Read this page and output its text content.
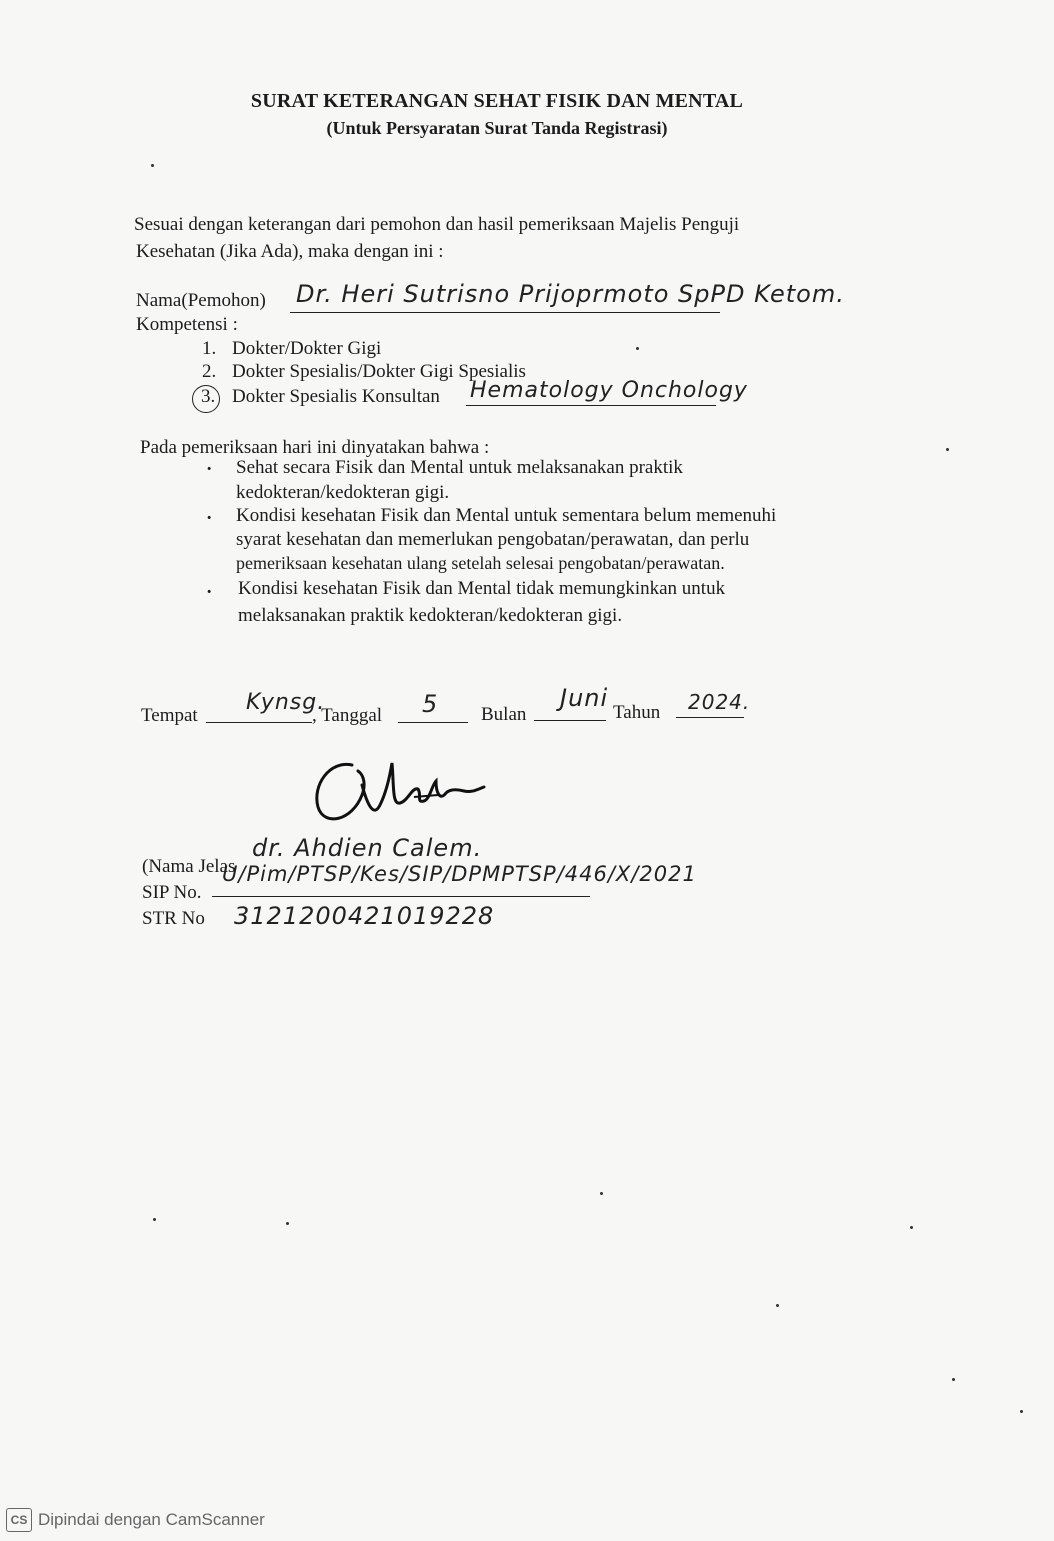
SURAT KETERANGAN SEHAT FISIK DAN MENTAL
(Untuk Persyaratan Surat Tanda Registrasi)
Sesuai dengan keterangan dari pemohon dan hasil pemeriksaan Majelis Penguji
Kesehatan (Jika Ada), maka dengan ini :
Nama(Pemohon) Dr. Heri Sutrisno Prijoprmoto SpPD Ketom.
Kompetensi :
1. Dokter/Dokter Gigi
2. Dokter Spesialis/Dokter Gigi Spesialis
3. Dokter Spesialis Konsultan Hematology Onchology
Pada pemeriksaan hari ini dinyatakan bahwa :
· Sehat secara Fisik dan Mental untuk melaksanakan praktik
kedokteran/kedokteran gigi.
· Kondisi kesehatan Fisik dan Mental untuk sementara belum memenuhi
syarat kesehatan dan memerlukan pengobatan/perawatan, dan perlu
pemeriksaan kesehatan ulang setelah selesai pengobatan/perawatan.
· Kondisi kesehatan Fisik dan Mental tidak memungkinkan untuk
melaksanakan praktik kedokteran/kedokteran gigi.
Tempat
Kynsg.
, Tanggal 5 Bulan
Juni
Tahun 2024.
(Nama Jelas
dr. Ahdien Calem.
SIP No.
U/Pim/PTSP/Kes/SIP/DPMPTSP/446/X/2021
STR No 3121200421019228
CS Dipindai dengan CamScanner
